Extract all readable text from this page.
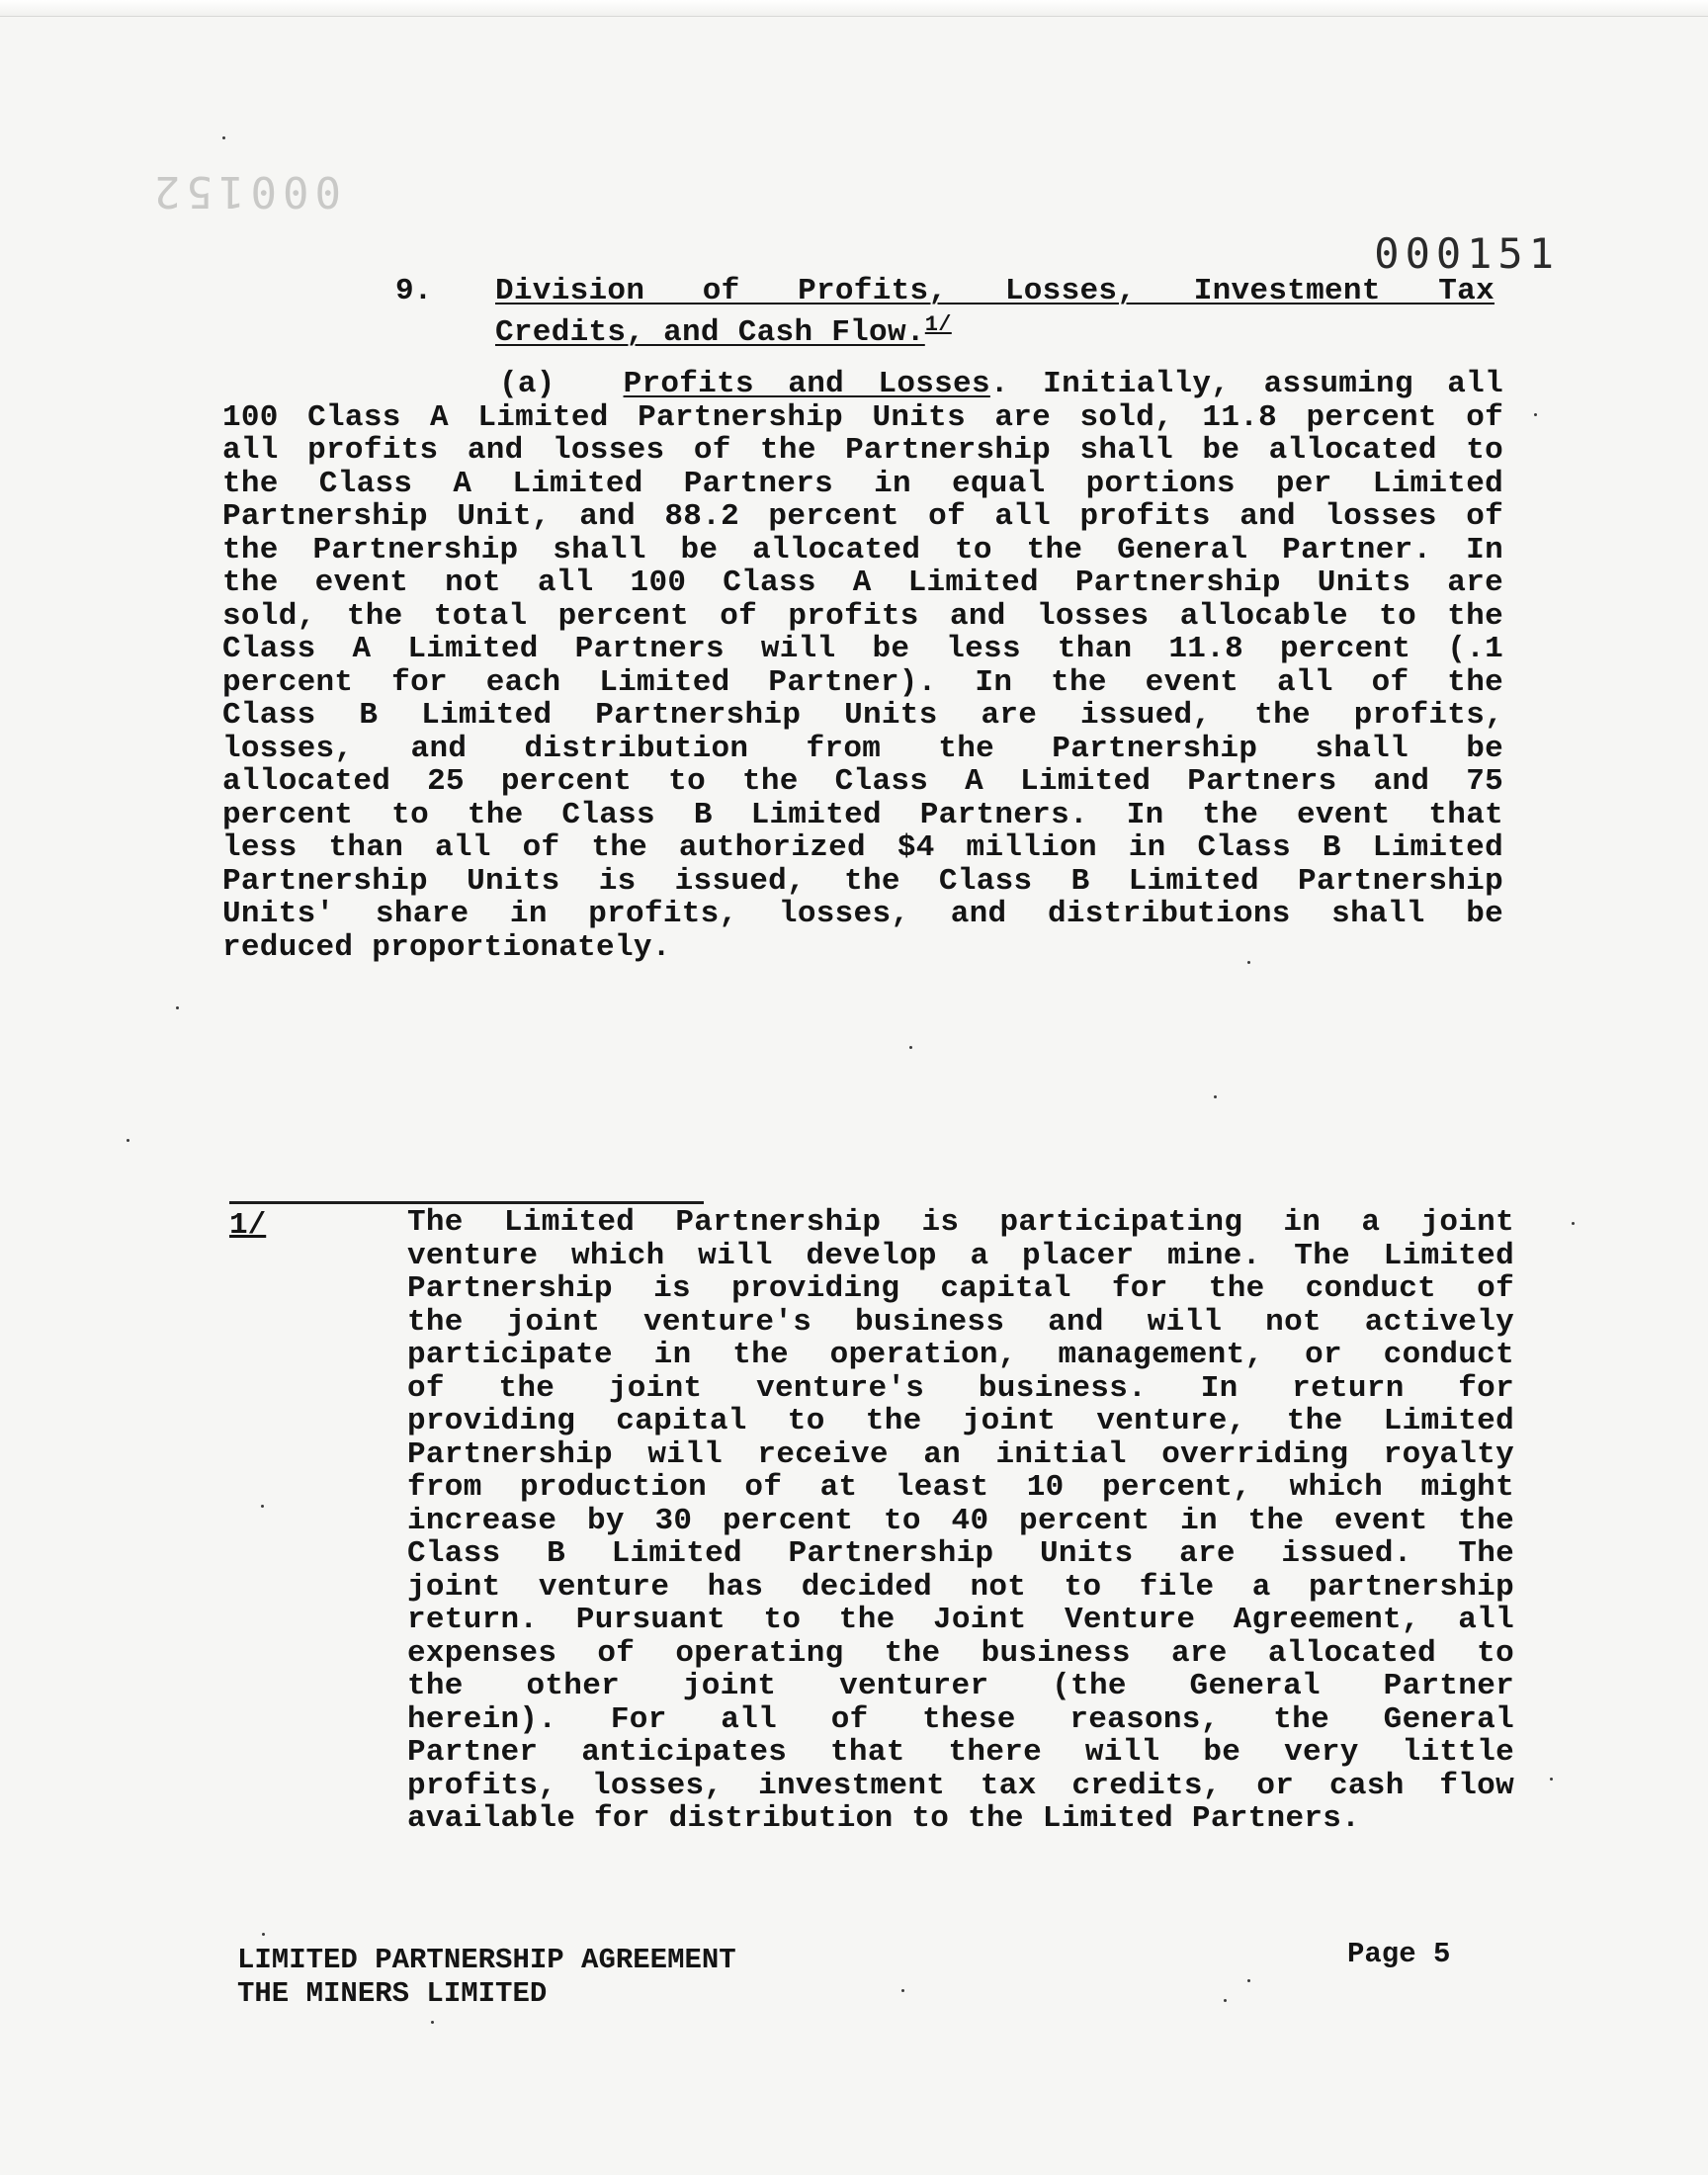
000152
000151
9. Division of Profits, Losses, Investment Tax
Credits, and Cash Flow.$^{1/}$
(a) Profits and Losses. Initially, assuming all
100 Class A Limited Partnership Units are sold, 11.8 percent of
all profits and losses of the Partnership shall be allocated to
the Class A Limited Partners in equal portions per Limited
Partnership Unit, and 88.2 percent of all profits and losses of
the Partnership shall be allocated to the General Partner. In
the event not all 100 Class A Limited Partnership Units are
sold, the total percent of profits and losses allocable to the
Class A Limited Partners will be less than 11.8 percent (.1
percent for each Limited Partner). In the event all of the
Class B Limited Partnership Units are issued, the profits,
losses, and distribution from the Partnership shall be
allocated 25 percent to the Class A Limited Partners and 75
percent to the Class B Limited Partners. In the event that
less than all of the authorized $4 million in Class B Limited
Partnership Units is issued, the Class B Limited Partnership
Units' share in profits, losses, and distributions shall be
reduced proportionately.
1/	The Limited Partnership is participating in a joint
venture which will develop a placer mine. The Limited
Partnership is providing capital for the conduct of
the joint venture's business and will not actively
participate in the operation, management, or conduct
of the joint venture's business. In return for
providing capital to the joint venture, the Limited
Partnership will receive an initial overriding royalty
from production of at least 10 percent, which might
increase by 30 percent to 40 percent in the event the
Class B Limited Partnership Units are issued. The
joint venture has decided not to file a partnership
return. Pursuant to the Joint Venture Agreement, all
expenses of operating the business are allocated to
the other joint venturer (the General Partner
herein). For all of these reasons, the General
Partner anticipates that there will be very little
profits, losses, investment tax credits, or cash flow
available for distribution to the Limited Partners.
LIMITED PARTNERSHIP AGREEMENT
THE MINERS LIMITED
Page 5
